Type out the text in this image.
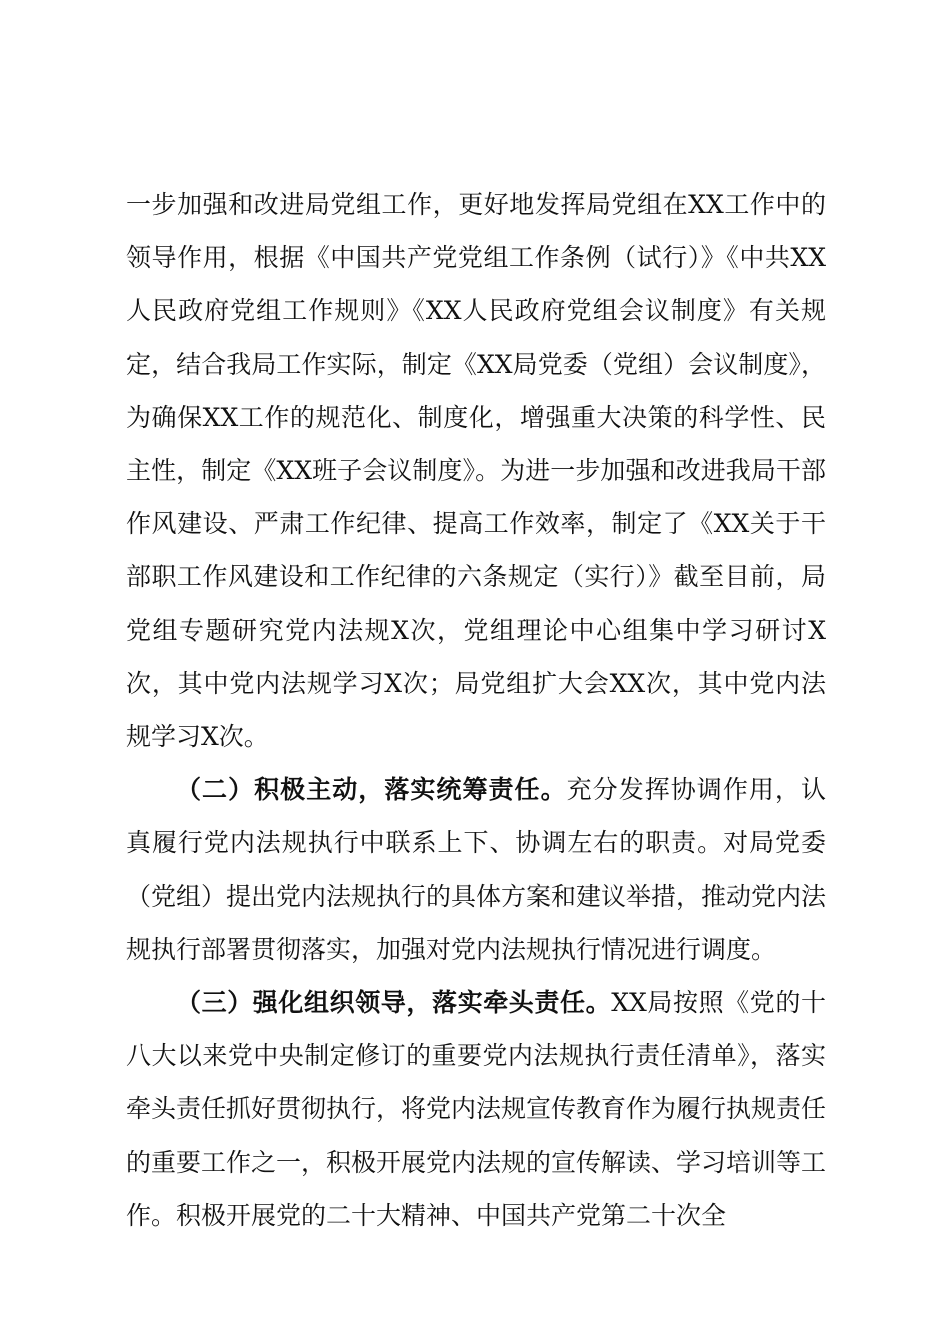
一步加强和改进局党组工作，更好地发挥局党组在XX工作中的领导作用，根据《中国共产党党组工作条例（试行）》《中共XX人民政府党组工作规则》《XX人民政府党组会议制度》有关规定，结合我局工作实际，制定《XX局党委（党组）会议制度》，为确保XX工作的规范化、制度化，增强重大决策的科学性、民主性，制定《XX班子会议制度》。为进一步加强和改进我局干部作风建设、严肃工作纪律、提高工作效率，制定了《XX关于干部职工作风建设和工作纪律的六条规定（实行）》截至目前，局党组专题研究党内法规X次，党组理论中心组集中学习研讨X次，其中党内法规学习X次；局党组扩大会XX次，其中党内法规学习X次。

（二）积极主动，落实统筹责任。充分发挥协调作用，认真履行党内法规执行中联系上下、协调左右的职责。对局党委（党组）提出党内法规执行的具体方案和建议举措，推动党内法规执行部署贯彻落实，加强对党内法规执行情况进行调度。

（三）强化组织领导，落实牵头责任。XX局按照《党的十八大以来党中央制定修订的重要党内法规执行责任清单》，落实牵头责任抓好贯彻执行，将党内法规宣传教育作为履行执规责任的重要工作之一，积极开展党内法规的宣传解读、学习培训等工作。积极开展党的二十大精神、中国共产党第二十次全
